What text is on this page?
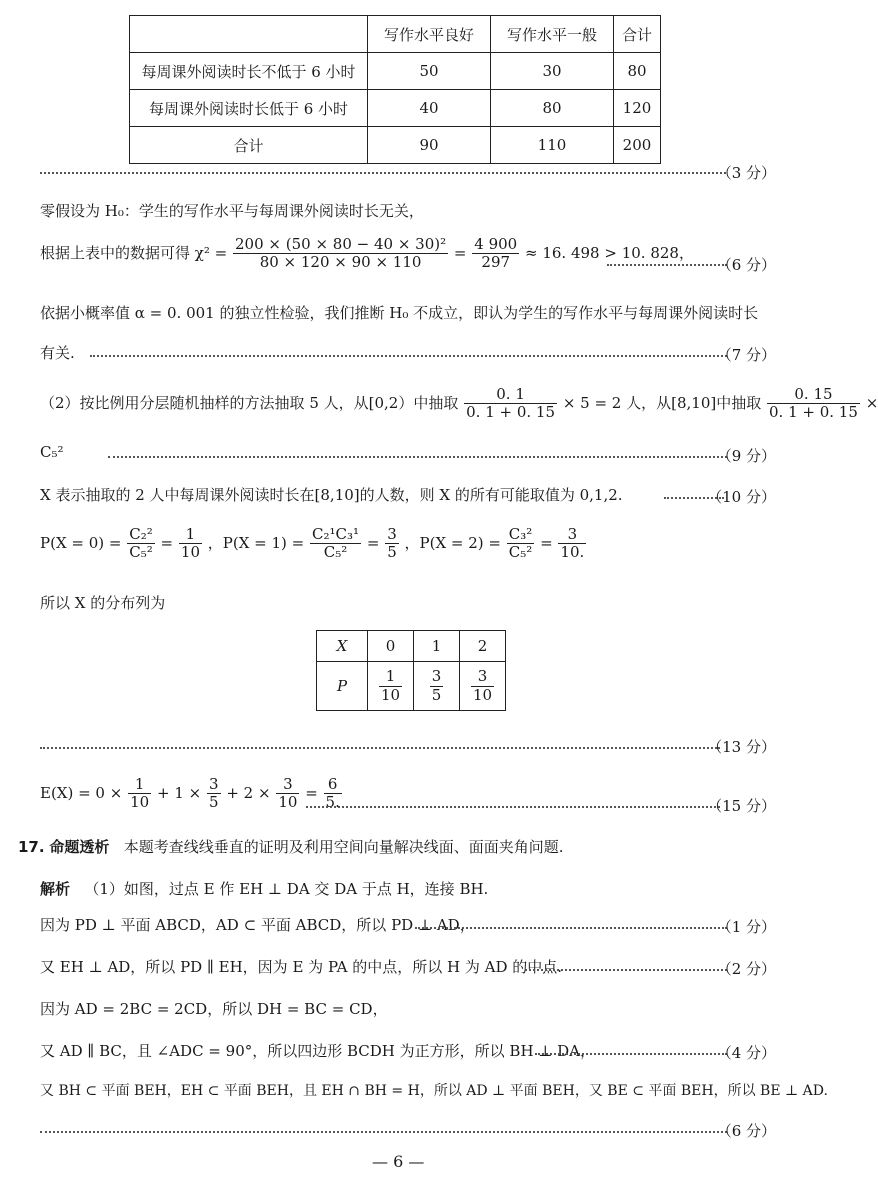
	写作水平良好	写作水平一般	合计
每周课外阅读时长不低于 6 小时	50	30	80
每周课外阅读时长低于 6 小时	40	80	120
合计	90	110	200
（3 分）
零假设为 H₀：学生的写作水平与每周课外阅读时长无关，
根据上表中的数据可得 $\chi^2 = \frac{\text{200 × (50 × 80 − 40 × 30)²}}{80 \times 120 \times 90 \times 110} = \frac{4 900}{297} \approx 16$. 498 > 10. 828，
（6 分）
依据小概率值 α = 0. 001 的独立性检验，我们推断 H₀ 不成立，即认为学生的写作水平与每周课外阅读时长
有关.	（7 分）
（2）按比例用分层随机抽样的方法抽取 5 人，从[0,2）中抽取 $\frac{0. 1}{0. 1 + 0. 15} \times 5 = 2$ 人，从[8,10]中抽取 $\frac{0. 15}{0. 1 + 0. 15}$ ×
C₅²	（9 分）
X 表示抽取的 2 人中每周课外阅读时长在[8,10]的人数，则 X 的所有可能取值为 0,1,2.	（10 分）
$P(X = 0) = \frac{\text{C₂²}}{\text{C₅²}} = \frac{1}{10}$ ，$P(X = 1) = \frac{\text{C₂¹C₃¹}}{\text{C₅²}} = \frac{3}{5}$ ，$P(X = 2) = \frac{\text{C₃²}}{\text{C₅²}} = \frac{3}{10.}$
所以 X 的分布列为
X	0	1	2
P	$\frac{1}{10}$	$\frac{3}{5}$	$\frac{3}{10}$
（13 分）
$E(X) = 0 \times \frac{1}{10} + 1 \times \frac{3}{5} + 2 \times \frac{3}{10} = \frac{6}{5.}$	（15 分）
17. 命题透析 本题考查线线垂直的证明及利用空间向量解决线面、面面夹角问题.
解析 （1）如图，过点 E 作 EH ⊥ DA 交 DA 于点 H，连接 BH.
因为 PD ⊥ 平面 ABCD，AD ⊂ 平面 ABCD，所以 PD ⊥ AD，	（1 分）
又 EH ⊥ AD，所以 PD ∥ EH，因为 E 为 PA 的中点，所以 H 为 AD 的中点.	（2 分）
因为 AD = 2BC = 2CD，所以 DH = BC = CD，
又 AD ∥ BC，且 ∠ADC = 90°，所以四边形 BCDH 为正方形，所以 BH ⊥ DA，	（4 分）
又 BH ⊂ 平面 BEH，EH ⊂ 平面 BEH，且 EH ∩ BH = H，所以 AD ⊥ 平面 BEH，又 BE ⊂ 平面 BEH，所以 BE ⊥ AD.
（6 分）
— 6 —
